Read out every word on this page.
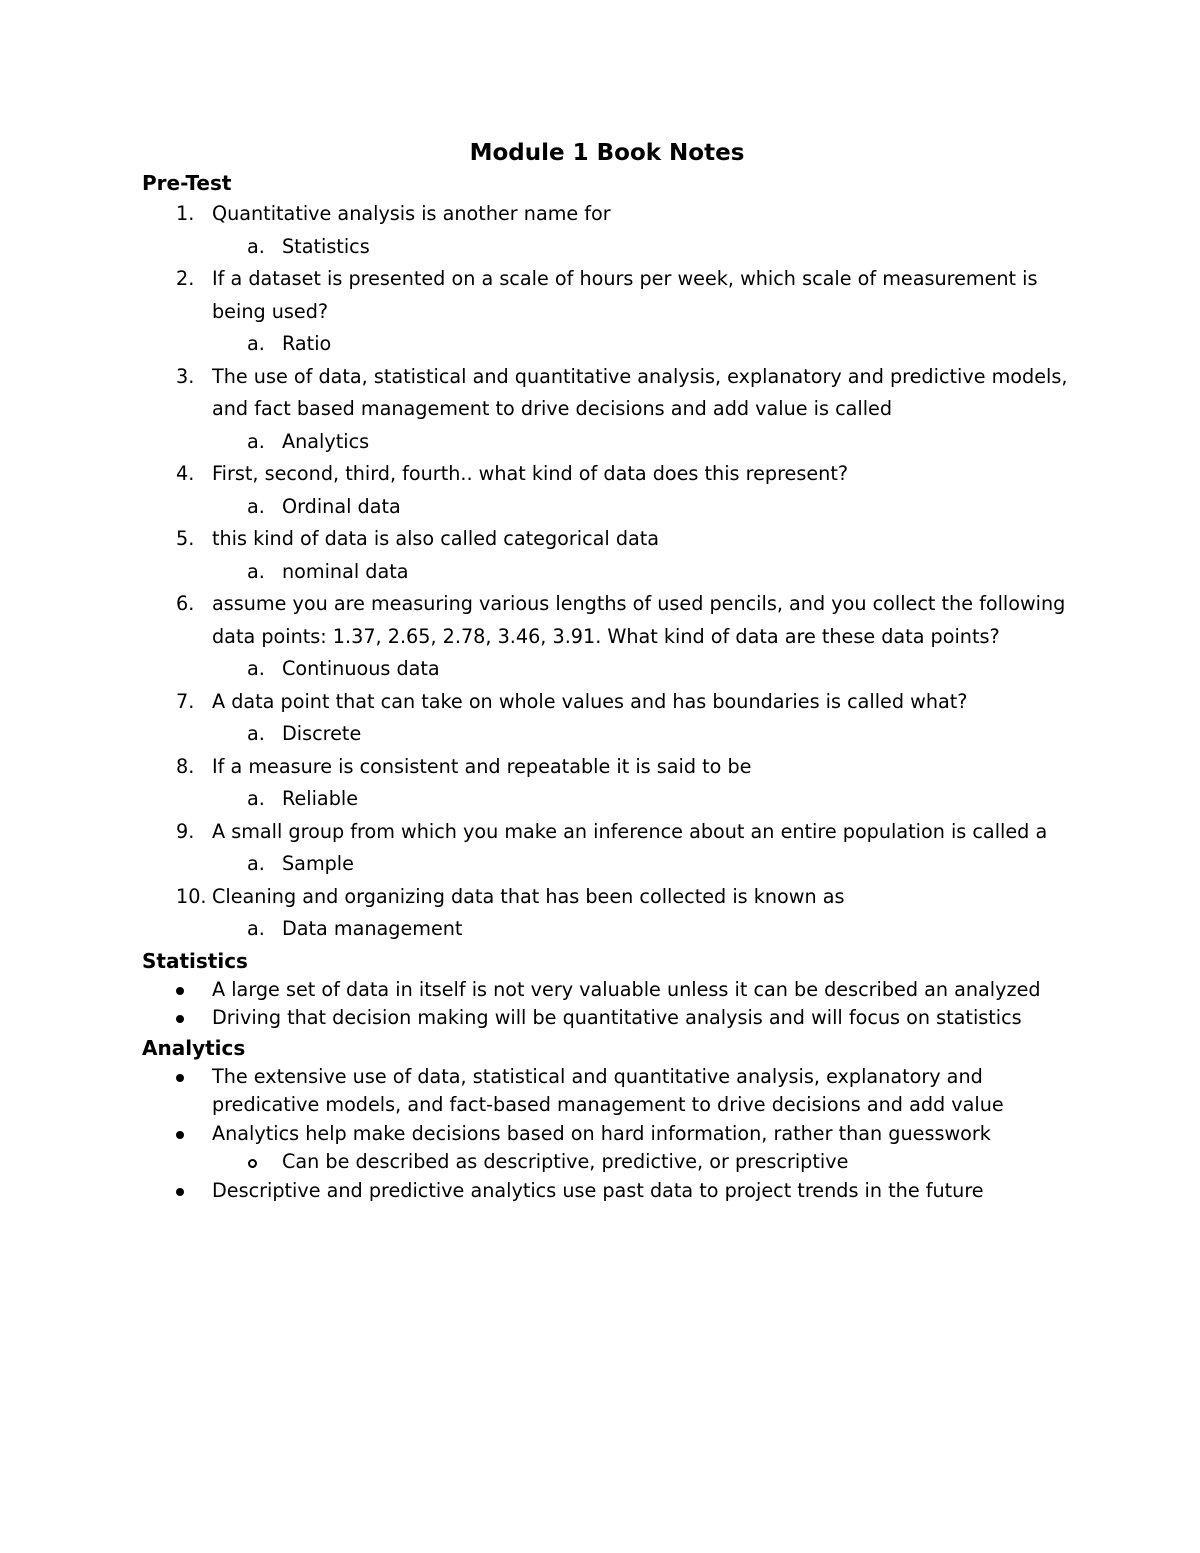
Module 1 Book Notes
Pre-Test
1. Quantitative analysis is another name for
a. Statistics
2. If a dataset is presented on a scale of hours per week, which scale of measurement is being used?
a. Ratio
3. The use of data, statistical and quantitative analysis, explanatory and predictive models, and fact based management to drive decisions and add value is called
a. Analytics
4. First, second, third, fourth.. what kind of data does this represent?
a. Ordinal data
5. this kind of data is also called categorical data
a. nominal data
6. assume you are measuring various lengths of used pencils, and you collect the following data points: 1.37, 2.65, 2.78, 3.46, 3.91. What kind of data are these data points?
a. Continuous data
7. A data point that can take on whole values and has boundaries is called what?
a. Discrete
8. If a measure is consistent and repeatable it is said to be
a. Reliable
9. A small group from which you make an inference about an entire population is called a
a. Sample
10. Cleaning and organizing data that has been collected is known as
a. Data management
Statistics
A large set of data in itself is not very valuable unless it can be described an analyzed
Driving that decision making will be quantitative analysis and will focus on statistics
Analytics
The extensive use of data, statistical and quantitative analysis, explanatory and predicative models, and fact-based management to drive decisions and add value
Analytics help make decisions based on hard information, rather than guesswork
Can be described as descriptive, predictive, or prescriptive
Descriptive and predictive analytics use past data to project trends in the future
